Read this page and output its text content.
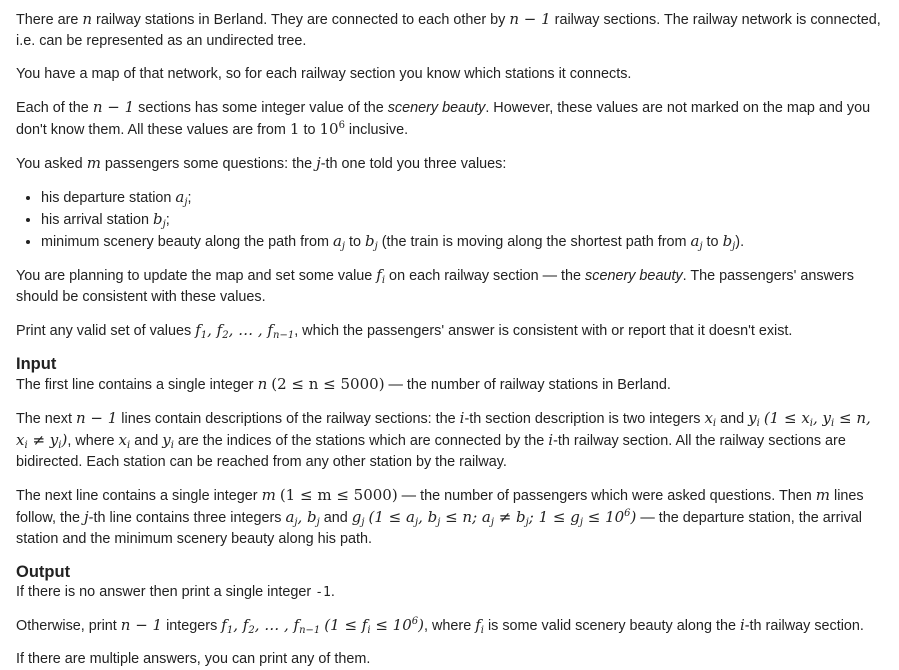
There are n railway stations in Berland. They are connected to each other by n − 1 railway sections. The railway network is connected, i.e. can be represented as an undirected tree.

You have a map of that network, so for each railway section you know which stations it connects.

Each of the n − 1 sections has some integer value of the scenery beauty. However, these values are not marked on the map and you don't know them. All these values are from 1 to $10^6$ inclusive.

You asked m passengers some questions: the j-th one told you three values:

• his departure station $a_j$;
• his arrival station $b_j$;
• minimum scenery beauty along the path from $a_j$ to $b_j$ (the train is moving along the shortest path from $a_j$ to $b_j$).

You are planning to update the map and set some value $f_i$ on each railway section — the scenery beauty. The passengers' answers should be consistent with these values.

Print any valid set of values $f_1$, $f_2$, … , $f_{n-1}$, which the passengers' answer is consistent with or report that it doesn't exist.

Input

The first line contains a single integer n (2 ≤ n ≤ 5000) — the number of railway stations in Berland.

The next n − 1 lines contain descriptions of the railway sections: the i-th section description is two integers $x_i$ and $y_i$ ($1 \le x_i$, $y_i \le n$, $x_i \ne y_i$), where $x_i$ and $y_i$ are the indices of the stations which are connected by the i-th railway section. All the railway sections are bidirected. Each station can be reached from any other station by the railway.

The next line contains a single integer m (1 ≤ m ≤ 5000) — the number of passengers which were asked questions. Then m lines follow, the j-th line contains three integers $a_j$, $b_j$ and $g_j$ ($1 \le a_j$, $b_j \le n$; $a_j \ne b_j$; $1 \le g_j \le 10^6$) — the departure station, the arrival station and the minimum scenery beauty along his path.

Output

If there is no answer then print a single integer -1.

Otherwise, print n − 1 integers $f_1$, $f_2$, … , $f_{n-1}$ $(1 \le f_i \le 10^6)$, where $f_i$ is some valid scenery beauty along the i-th railway section.

If there are multiple answers, you can print any of them.
